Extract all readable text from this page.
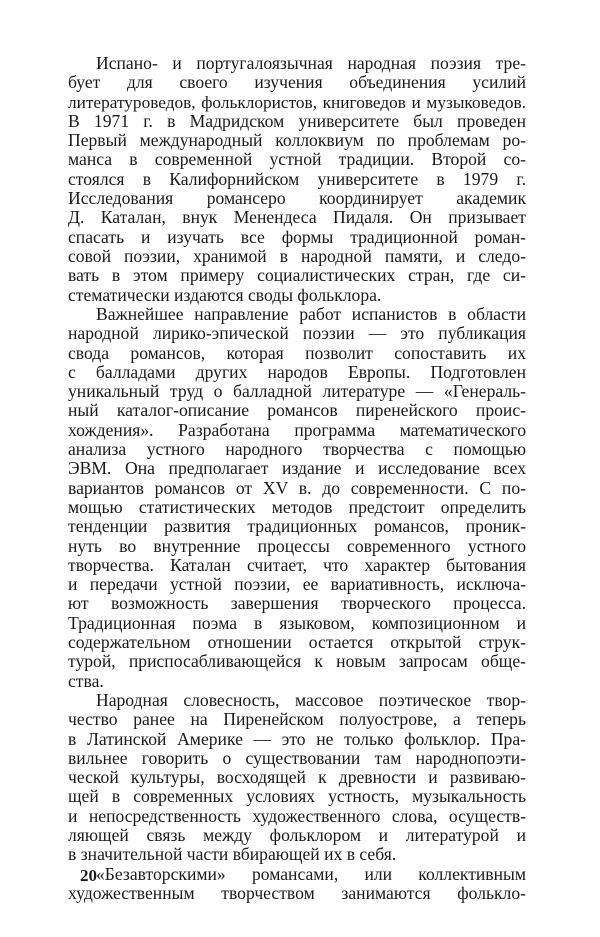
Испано- и португалоязычная народная поэзия тре-
бует для своего изучения объединения усилий
литературоведов, фольклористов, книговедов и музыковедов.
В 1971 г. в Мадридском университете был проведен
Первый международный коллоквиум по проблемам ро-
манса в современной устной традиции. Второй со-
стоялся в Калифорнийском университете в 1979 г.
Исследования романсеро координирует академик
Д. Каталан, внук Менендеса Пидаля. Он призывает
спасать и изучать все формы традиционной роман-
совой поэзии, хранимой в народной памяти, и следо-
вать в этом примеру социалистических стран, где си-
стематически издаются своды фольклора.
Важнейшее направление работ испанистов в области
народной лирико-эпической поэзии — это публикация
свода романсов, которая позволит сопоставить их
с балладами других народов Европы. Подготовлен
уникальный труд о балладной литературе — «Генераль-
ный каталог-описание романсов пиренейского проис-
хождения». Разработана программа математического
анализа устного народного творчества с помощью
ЭВМ. Она предполагает издание и исследование всех
вариантов романсов от XV в. до современности. С по-
мощью статистических методов предстоит определить
тенденции развития традиционных романсов, проник-
нуть во внутренние процессы современного устного
творчества. Каталан считает, что характер бытования
и передачи устной поэзии, ее вариативность, исключа-
ют возможность завершения творческого процесса.
Традиционная поэма в языковом, композиционном и
содержательном отношении остается открытой струк-
турой, приспосабливающейся к новым запросам обще-
ства.
Народная словесность, массовое поэтическое твор-
чество ранее на Пиренейском полуострове, а теперь
в Латинской Америке — это не только фольклор. Пра-
вильнее говорить о существовании там народнопоэти-
ческой культуры, восходящей к древности и развиваю-
щей в современных условиях устность, музыкальность
и непосредственность художественного слова, осуществ-
ляющей связь между фольклором и литературой и
в значительной части вбирающей их в себя.
«Безавторскими» романсами, или коллективным
художественным творчеством занимаются фолькло-
20
